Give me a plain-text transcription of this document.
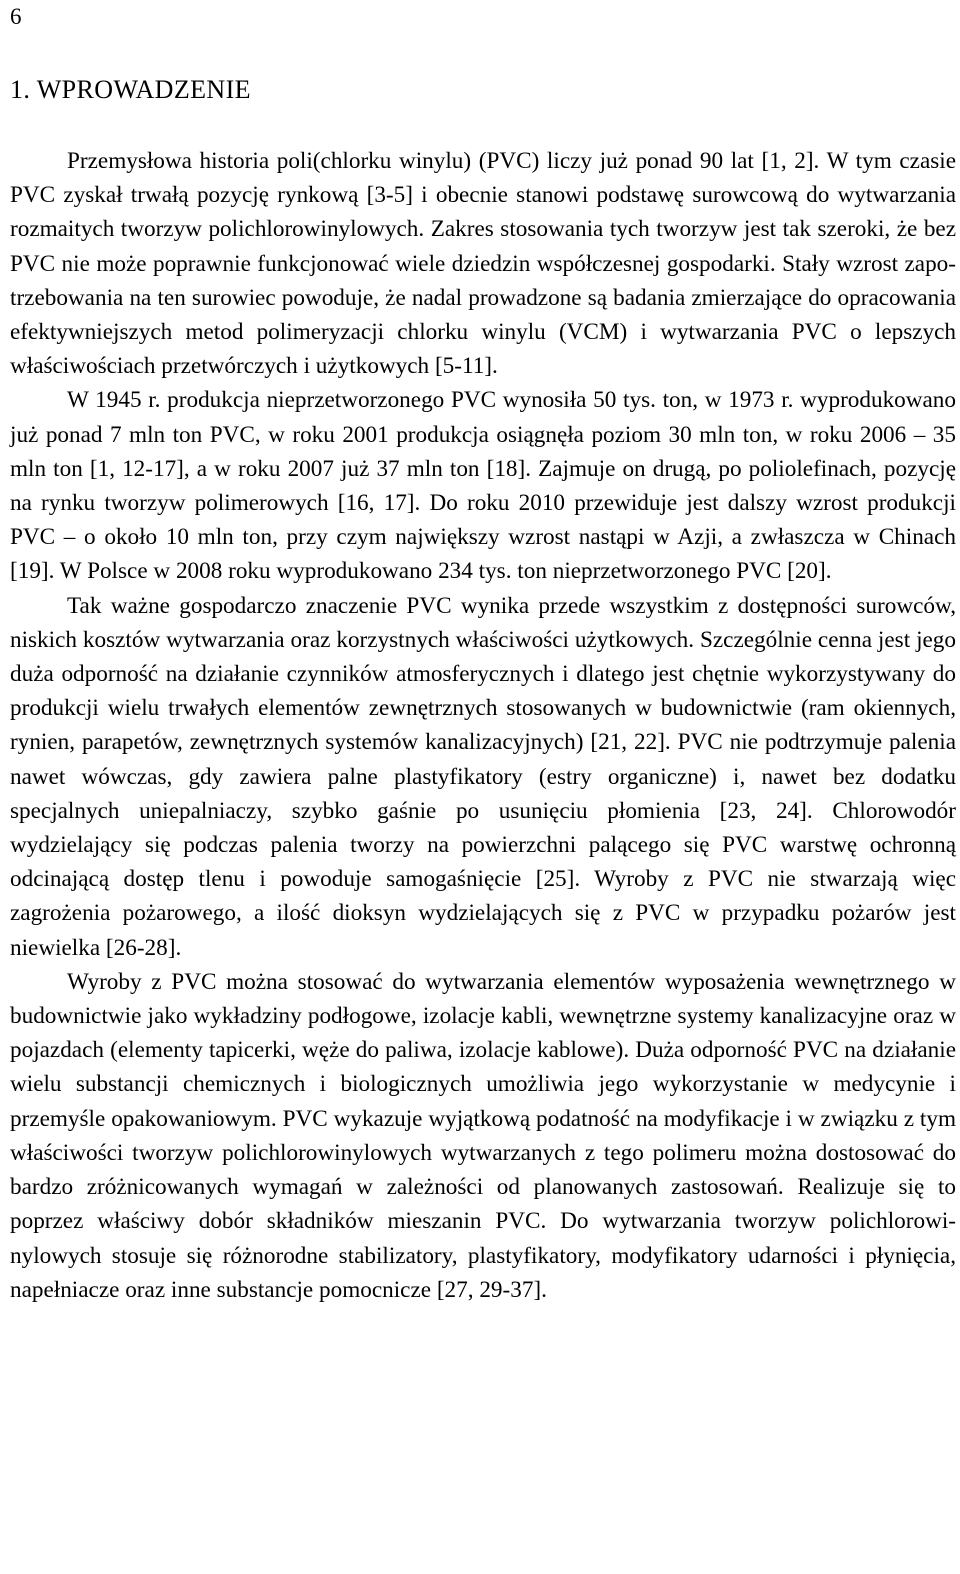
6
1. WPROWADZENIE

Przemysłowa historia poli(chlorku winylu) (PVC) liczy już ponad 90 lat [1, 2]. W tym czasie PVC zyskał trwałą pozycję rynkową [3-5] i obecnie stanowi podstawę surowcową do wytwarzania rozmaitych tworzyw polichlorowinylowych. Zakres stosowania tych tworzyw jest tak szeroki, że bez PVC nie może poprawnie funkcjonować wiele dziedzin współczesnej gospodarki. Stały wzrost zapotrzebowania na ten surowiec powoduje, że nadal prowadzone są badania zmierzające do opracowania efektywniejszych metod polimeryzacji chlorku winylu (VCM) i wytwarzania PVC o lepszych właściwościach przetwórczych i użytkowych [5-11].

W 1945 r. produkcja nieprzetworzonego PVC wynosiła 50 tys. ton, w 1973 r. wyprodukowano już ponad 7 mln ton PVC, w roku 2001 produkcja osiągnęła poziom 30 mln ton, w roku 2006 – 35 mln ton [1, 12-17], a w roku 2007 już 37 mln ton [18]. Zajmuje on drugą, po poliolefinach, pozycję na rynku tworzyw polimerowych [16, 17]. Do roku 2010 przewiduje jest dalszy wzrost produkcji PVC – o około 10 mln ton, przy czym największy wzrost nastąpi w Azji, a zwłaszcza w Chinach [19]. W Polsce w 2008 roku wyprodukowano 234 tys. ton nieprzetworzonego PVC [20].

Tak ważne gospodarczo znaczenie PVC wynika przede wszystkim z dostępności surowców, niskich kosztów wytwarzania oraz korzystnych właściwości użytkowych. Szczególnie cenna jest jego duża odporność na działanie czynników atmosferycznych i dlatego jest chętnie wykorzystywany do produkcji wielu trwałych elementów zewnętrznych stosowanych w budownictwie (ram okiennych, rynien, parapetów, zewnętrznych systemów kanalizacyjnych) [21, 22]. PVC nie podtrzymuje palenia nawet wówczas, gdy zawiera palne plastyfikatory (estry organiczne) i, nawet bez dodatku specjalnych uniepalniaczy, szybko gaśnie po usunięciu płomienia [23, 24]. Chlorowodór wydzielający się podczas palenia tworzy na powierzchni palącego się PVC warstwę ochronną odcinającą dostęp tlenu i powoduje samogaśnięcie [25]. Wyroby z PVC nie stwarzają więc zagrożenia pożarowego, a ilość dioksyn wydzielających się z PVC w przypadku pożarów jest niewielka [26-28].

Wyroby z PVC można stosować do wytwarzania elementów wyposażenia wewnętrznego w budownictwie jako wykładziny podłogowe, izolacje kabli, wewnętrzne systemy kanalizacyjne oraz w pojazdach (elementy tapicerki, węże do paliwa, izolacje kablowe). Duża odporność PVC na działanie wielu substancji chemicznych i biologicznych umożliwia jego wykorzystanie w medycynie i przemyśle opakowaniowym. PVC wykazuje wyjątkową podatność na modyfikacje i w związku z tym właściwości tworzyw polichlorowinylowych wytwarzanych z tego polimeru można dostosować do bardzo zróżnicowanych wymagań w zależności od planowanych zastosowań. Realizuje się to poprzez właściwy dobór składników mieszanin PVC. Do wytwarzania tworzyw polichlorowinylowych stosuje się różnorodne stabilizatory, plastyfikatory, modyfikatory udarności i płynięcia, napełniacze oraz inne substancje pomocnicze [27, 29-37].
